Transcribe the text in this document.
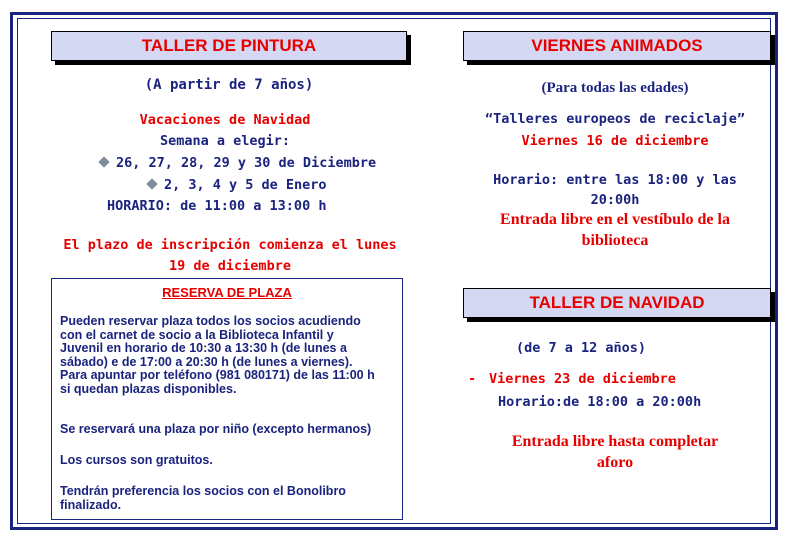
TALLER DE PINTURA
(A partir de 7 años)
Vacaciones de Navidad
Semana a elegir:
26, 27, 28, 29 y 30 de Diciembre
2, 3, 4 y 5 de Enero
HORARIO: de 11:00 a 13:00 h
El plazo de inscripción comienza el lunes
19 de diciembre
RESERVA DE PLAZA

Pueden reservar plaza todos los socios acudiendo
con el carnet de socio a la Biblioteca Infantil y
Juvenil en horario de 10:30 a 13:30 h (de lunes a
sábado) e de 17:00 a 20:30 h (de lunes a viernes).
Para apuntar por teléfono (981 080171) de las 11:00 h
si quedan plazas disponibles.

Se reservará una plaza por niño (excepto hermanos)

Los cursos son gratuitos.

Tendrán preferencia los socios con el Bonolibro
finalizado.

VIERNES ANIMADOS
(Para todas las edades)
“Talleres europeos de reciclaje”
Viernes 16 de diciembre
Horario: entre las 18:00 y las
20:00h
Entrada libre en el vestíbulo de la
biblioteca
TALLER DE NAVIDAD
(de 7 a 12 años)
- Viernes 23 de diciembre
Horario:de 18:00 a 20:00h
Entrada libre hasta completar
aforo
